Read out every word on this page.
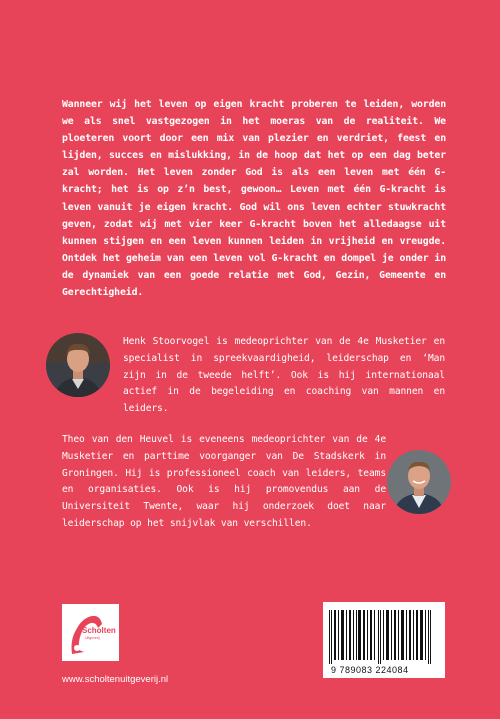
Wanneer wij het leven op eigen kracht proberen te leiden, worden we als snel vastgezogen in het moeras van de realiteit. We ploeteren voort door een mix van plezier en verdriet, feest en lijden, succes en mislukking, in de hoop dat het op een dag beter zal worden. Het leven zonder God is als een leven met één G-kracht; het is op z’n best, gewoon… Leven met één G-kracht is leven vanuit je eigen kracht. God wil ons leven echter stuwkracht geven, zodat wij met vier keer G-kracht boven het alledaagse uit kunnen stijgen en een leven kunnen leiden in vrijheid en vreugde. Ontdek het geheim van een leven vol G-kracht en dompel je onder in de dynamiek van een goede relatie met God, Gezin, Gemeente en Gerechtigheid.

Henk Stoorvogel is medeoprichter van de 4e Musketier en specialist in spreekvaardigheid, leiderschap en ‘Man zijn in de tweede helft’. Ook is hij internationaal actief in de begeleiding en coaching van mannen en leiders.

Theo van den Heuvel is eveneens medeoprichter van de 4e Musketier en parttime voorganger van De Stadskerk in Groningen. Hij is professioneel coach van leiders, teams en organisaties. Ook is hij promovendus aan de Universiteit Twente, waar hij onderzoek doet naar leiderschap op het snijvlak van verschillen.

Scholten
Uitgeverij
www.scholtenuitgeverij.nl
9 789083 224084
